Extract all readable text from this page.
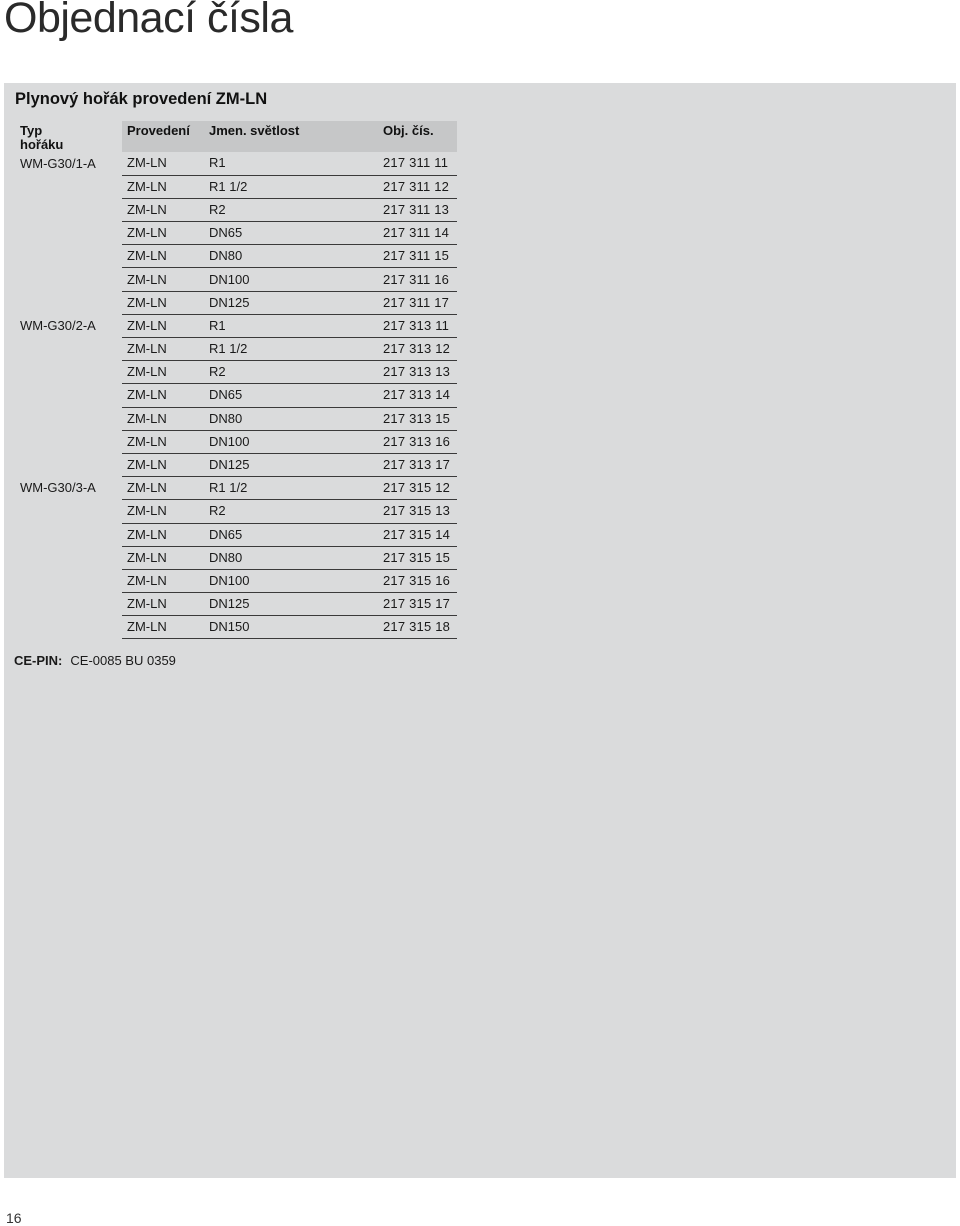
Objednací čísla
Plynový hořák provedení ZM-LN
Typ
hořáku	Provedení	Jmen. světlost	Obj. čís.
WM-G30/1-A	ZM-LN	R1	217 311 11
	ZM-LN	R1 1/2	217 311 12
	ZM-LN	R2	217 311 13
	ZM-LN	DN65	217 311 14
	ZM-LN	DN80	217 311 15
	ZM-LN	DN100	217 311 16
	ZM-LN	DN125	217 311 17
WM-G30/2-A	ZM-LN	R1	217 313 11
	ZM-LN	R1 1/2	217 313 12
	ZM-LN	R2	217 313 13
	ZM-LN	DN65	217 313 14
	ZM-LN	DN80	217 313 15
	ZM-LN	DN100	217 313 16
	ZM-LN	DN125	217 313 17
WM-G30/3-A	ZM-LN	R1 1/2	217 315 12
	ZM-LN	R2	217 315 13
	ZM-LN	DN65	217 315 14
	ZM-LN	DN80	217 315 15
	ZM-LN	DN100	217 315 16
	ZM-LN	DN125	217 315 17
	ZM-LN	DN150	217 315 18
CE-PIN: CE-0085 BU 0359
16
